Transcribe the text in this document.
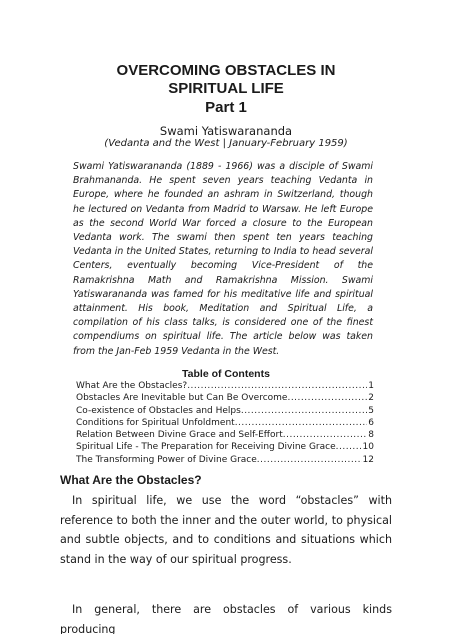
OVERCOMING OBSTACLES IN
SPIRITUAL LIFE
Part 1
Swami Yatiswarananda
(Vedanta and the West | January-February 1959)

Swami Yatiswarananda (1889 - 1966) was a disciple of Swami Brahmananda. He spent seven years teaching Vedanta in Europe, where he founded an ashram in Switzerland, though he lectured on Vedanta from Madrid to Warsaw. He left Europe as the second World War forced a closure to the European Vedanta work. The swami then spent ten years teaching Vedanta in the United States, returning to India to head several Centers, eventually becoming Vice-President of the Ramakrishna Math and Ramakrishna Mission. Swami Yatiswarananda was famed for his meditative life and spiritual attainment. His book, Meditation and Spiritual Life, a compilation of his class talks, is considered one of the finest compendiums on spiritual life. The article below was taken from the Jan-Feb 1959 Vedanta in the West.

Table of Contents
What Are the Obstacles? .....	1
Obstacles Are Inevitable but Can Be Overcome .....	2
Co-existence of Obstacles and Helps .....	5
Conditions for Spiritual Unfoldment .....	6
Relation Between Divine Grace and Self-Effort .....	8
Spiritual Life - The Preparation for Receiving Divine Grace .....	10
The Transforming Power of Divine Grace .....	12
What Are the Obstacles?

In spiritual life, we use the word “obstacles” with reference to both the inner and the outer world, to physical and subtle objects, and to conditions and situations which stand in the way of our spiritual progress.

In general, there are obstacles of various kinds producing
